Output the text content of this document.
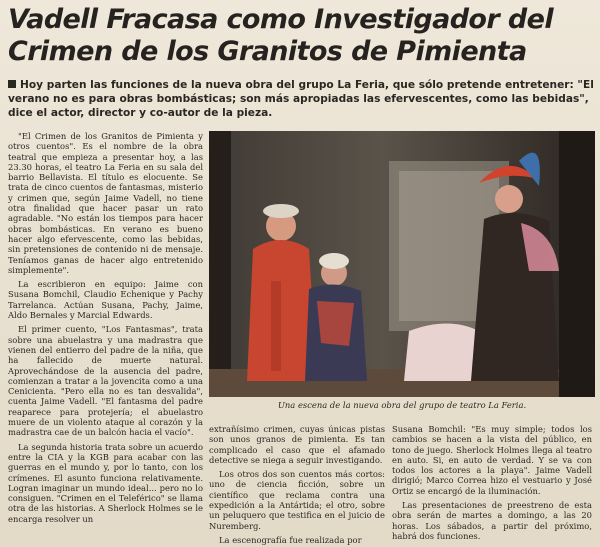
Vadell Fracasa como Investigador del Crimen de los Granitos de Pimienta

Hoy parten las funciones de la nueva obra del grupo La Feria, que sólo pretende entretener: "El verano no es para obras bombásticas; son más apropiadas las efervescentes, como las bebidas", dice el actor, director y co-autor de la pieza.

"El Crimen de los Granitos de Pimienta y otros cuentos". Es el nombre de la obra teatral que empieza a presentar hoy, a las 23.30 horas, el teatro La Feria en su sala del barrio Bellavista. El título es elocuente. Se trata de cinco cuentos de fantasmas, misterio y crimen que, según Jaime Vadell, no tiene otra finalidad que hacer pasar un rato agradable. "No están los tiempos para hacer obras bombásticas. En verano es bueno hacer algo efervescente, como las bebidas, sin pretensiones de contenido ni de mensaje. Teníamos ganas de hacer algo entretenido simplemente".

La escribieron en equipo: Jaime con Susana Bomchil, Claudio Echenique y Pachy Tarrelanca. Actúan Susana, Pachy, Jaime, Aldo Bernales y Marcial Edwards.

El primer cuento, "Los Fantasmas", trata sobre una abuelastra y una madrastra que vienen del entierro del padre de la niña, que ha fallecido de muerte natural. Aprovechándose de la ausencia del padre, comienzan a tratar a la jovencita como a una Cenicienta. "Pero ella no es tan desvalida", cuenta Jaime Vadell. "El fantasma del padre reaparece para protejería; el abuelastro muere de un violento ataque al corazón y la madrastra cae de un balcón hacia el vacío".

La segunda historia trata sobre un acuerdo entre la CIA y la KGB para acabar con las guerras en el mundo y, por lo tanto, con los crímenes. El asunto funciona relativamente. Logran imaginar un mundo ideal... pero no lo consiguen. "Crimen en el Teleférico" se llama otra de las historias. A Sherlock Holmes se le encarga resolver un

Una escena de la nueva obra del grupo de teatro La Feria.

extrañísimo crimen, cuyas únicas pistas son unos granos de pimienta. Es tan complicado el caso que el afamado detective se niega a seguir investigando.

Los otros dos son cuentos más cortos: uno de ciencia ficción, sobre un científico que reclama contra una expedición a la Antártida; el otro, sobre un peluquero que testifica en el juicio de Nuremberg.

La escenografía fue realizada por

Susana Bomchil: "Es muy simple; todos los cambios se hacen a la vista del público, en tono de juego. Sherlock Holmes llega al teatro en auto. Si, en auto de verdad. Y se va con todos los actores a la playa". Jaime Vadell dirigió; Marco Correa hizo el vestuario y José Ortiz se encargó de la iluminación.

Las presentaciones de preestreno de esta obra serán de martes a domingo, a las 20 horas. Los sábados, a partir del próximo, habrá dos funciones.
